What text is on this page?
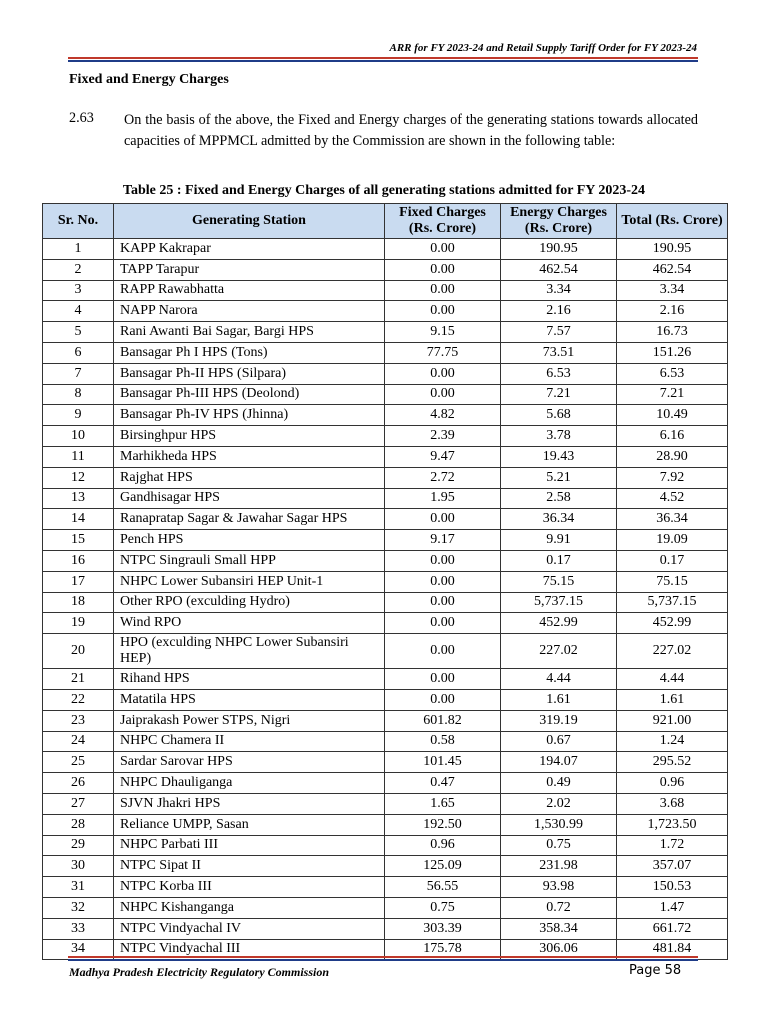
ARR for FY 2023-24 and Retail Supply Tariff Order for FY 2023-24
Fixed and Energy Charges
2.63 On the basis of the above, the Fixed and Energy charges of the generating stations towards allocated capacities of MPPMCL admitted by the Commission are shown in the following table:
Table 25 : Fixed and Energy Charges of all generating stations admitted for FY 2023-24
Sr. No.	Generating Station	Fixed Charges (Rs. Crore)	Energy Charges (Rs. Crore)	Total (Rs. Crore)
1	KAPP Kakrapar	0.00	190.95	190.95
2	TAPP Tarapur	0.00	462.54	462.54
3	RAPP Rawabhatta	0.00	3.34	3.34
4	NAPP Narora	0.00	2.16	2.16
5	Rani Awanti Bai Sagar, Bargi HPS	9.15	7.57	16.73
6	Bansagar Ph I HPS (Tons)	77.75	73.51	151.26
7	Bansagar Ph-II HPS (Silpara)	0.00	6.53	6.53
8	Bansagar Ph-III HPS (Deolond)	0.00	7.21	7.21
9	Bansagar Ph-IV HPS (Jhinna)	4.82	5.68	10.49
10	Birsinghpur HPS	2.39	3.78	6.16
11	Marhikheda HPS	9.47	19.43	28.90
12	Rajghat HPS	2.72	5.21	7.92
13	Gandhisagar HPS	1.95	2.58	4.52
14	Ranapratap Sagar & Jawahar Sagar HPS	0.00	36.34	36.34
15	Pench HPS	9.17	9.91	19.09
16	NTPC Singrauli Small HPP	0.00	0.17	0.17
17	NHPC Lower Subansiri HEP Unit-1	0.00	75.15	75.15
18	Other RPO (exculding Hydro)	0.00	5,737.15	5,737.15
19	Wind RPO	0.00	452.99	452.99
20	HPO (exculding NHPC Lower Subansiri HEP)	0.00	227.02	227.02
21	Rihand HPS	0.00	4.44	4.44
22	Matatila HPS	0.00	1.61	1.61
23	Jaiprakash Power STPS, Nigri	601.82	319.19	921.00
24	NHPC Chamera II	0.58	0.67	1.24
25	Sardar Sarovar HPS	101.45	194.07	295.52
26	NHPC Dhauliganga	0.47	0.49	0.96
27	SJVN Jhakri HPS	1.65	2.02	3.68
28	Reliance UMPP, Sasan	192.50	1,530.99	1,723.50
29	NHPC Parbati III	0.96	0.75	1.72
30	NTPC Sipat II	125.09	231.98	357.07
31	NTPC Korba III	56.55	93.98	150.53
32	NHPC Kishanganga	0.75	0.72	1.47
33	NTPC Vindyachal IV	303.39	358.34	661.72
34	NTPC Vindyachal III	175.78	306.06	481.84
Madhya Pradesh Electricity Regulatory Commission	Page 58
